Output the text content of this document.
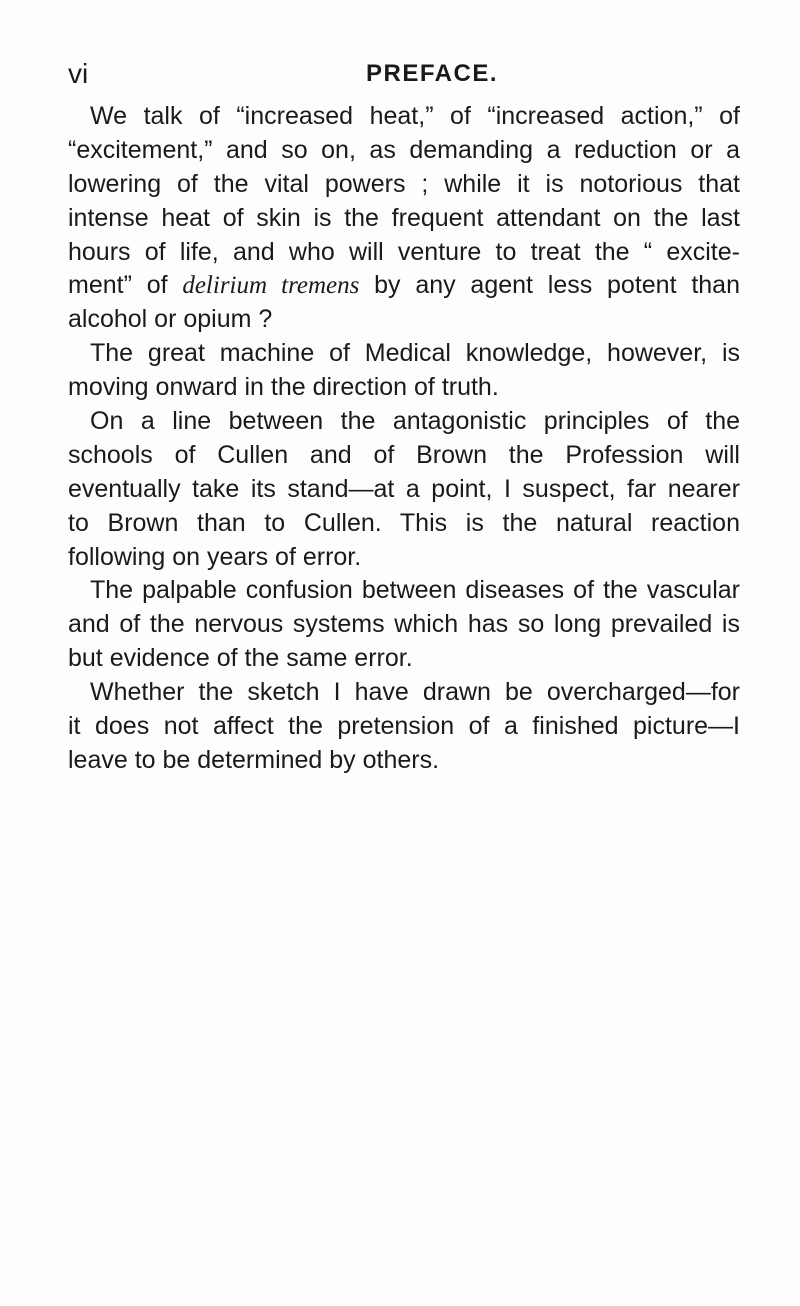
vi	PREFACE.
We talk of “increased heat,” of “increased action,” of
“excitement,” and so on, as demanding a reduction or a
lowering of the vital powers ; while it is notorious that
intense heat of skin is the frequent attendant on the last
hours of life, and who will venture to treat the “ excite-
ment” of delirium tremens by any agent less potent than
alcohol or opium ?
The great machine of Medical knowledge, however, is
moving onward in the direction of truth.
On a line between the antagonistic principles of the
schools of Cullen and of Brown the Profession will
eventually take its stand—at a point, I suspect, far nearer
to Brown than to Cullen. This is the natural reaction
following on years of error.
The palpable confusion between diseases of the vascular
and of the nervous systems which has so long prevailed is
but evidence of the same error.
Whether the sketch I have drawn be overcharged—for
it does not affect the pretension of a finished picture—I
leave to be determined by others.
